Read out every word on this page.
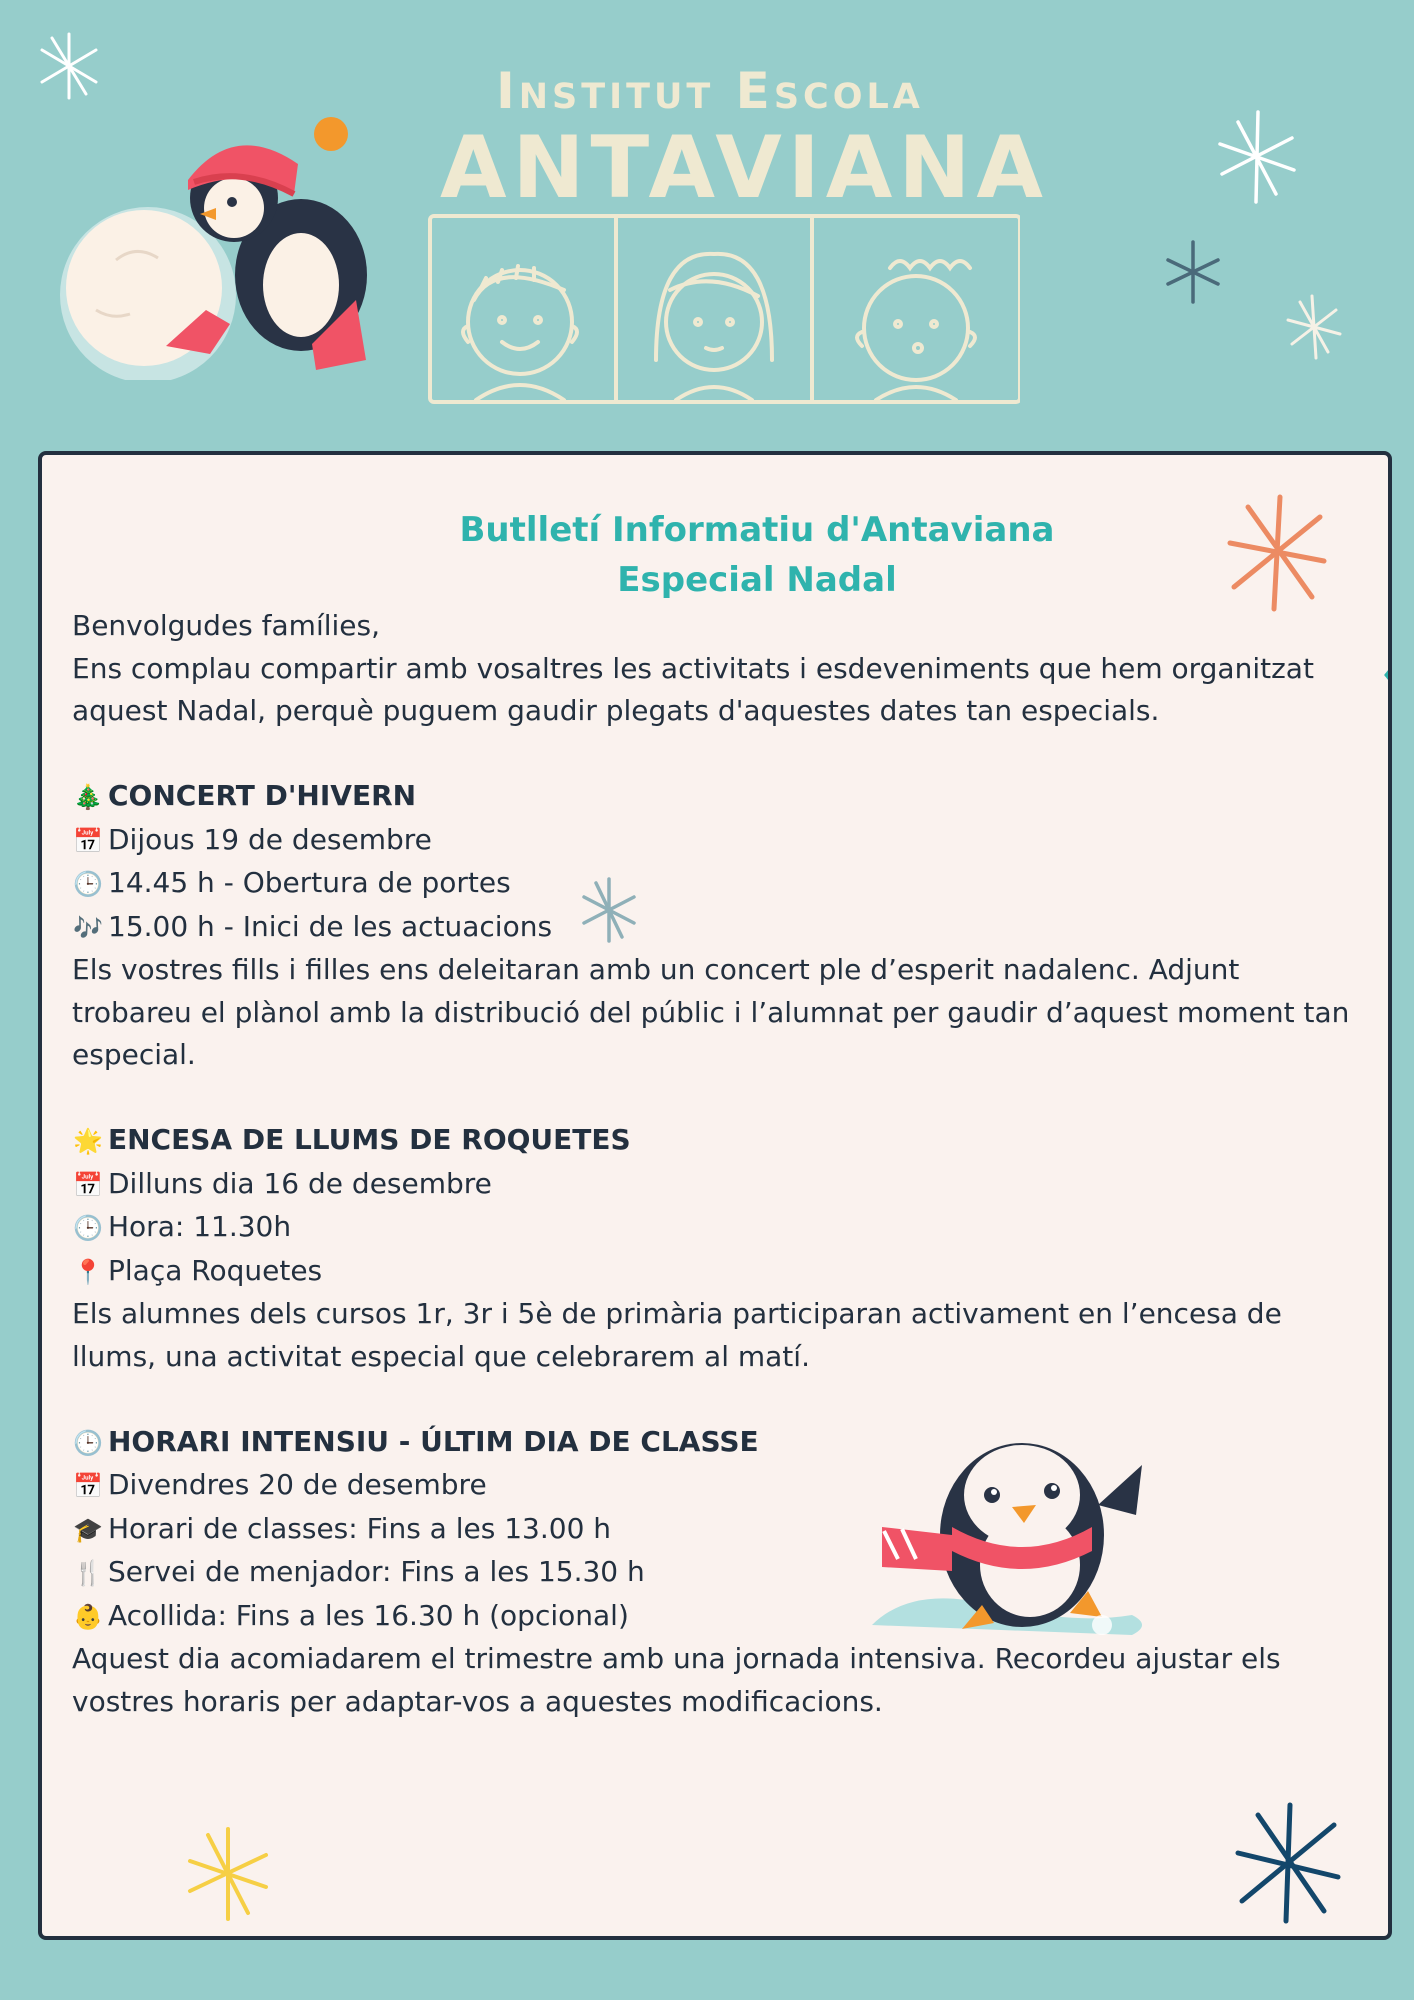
Institut Escola
ANTAVIANA
Butlletí Informatiu d'Antaviana
Especial Nadal

Benvolgudes famílies,

Ens complau compartir amb vosaltres les activitats i esdeveniments que hem organitzat aquest Nadal, perquè puguem gaudir plegats d'aquestes dates tan especials.

🎄 CONCERT D'HIVERN

📅 Dijous 19 de desembre

🕒 14.45 h - Obertura de portes

🎶 15.00 h - Inici de les actuacions

Els vostres fills i filles ens deleitaran amb un concert ple d’esperit nadalenc. Adjunt trobareu el plànol amb la distribució del públic i l’alumnat per gaudir d’aquest moment tan especial.

🌟 ENCESA DE LLUMS DE ROQUETES

📅 Dilluns dia 16 de desembre

🕒 Hora: 11.30h

📍 Plaça Roquetes

Els alumnes dels cursos 1r, 3r i 5è de primària participaran activament en l’encesa de llums, una activitat especial que celebrarem al matí.

🕒 HORARI INTENSIU - ÚLTIM DIA DE CLASSE

📅 Divendres 20 de desembre

🎓 Horari de classes: Fins a les 13.00 h

🍴 Servei de menjador: Fins a les 15.30 h

👶 Acollida: Fins a les 16.30 h (opcional)

Aquest dia acomiadarem el trimestre amb una jornada intensiva. Recordeu ajustar els vostres horaris per adaptar-vos a aquestes modificacions.
